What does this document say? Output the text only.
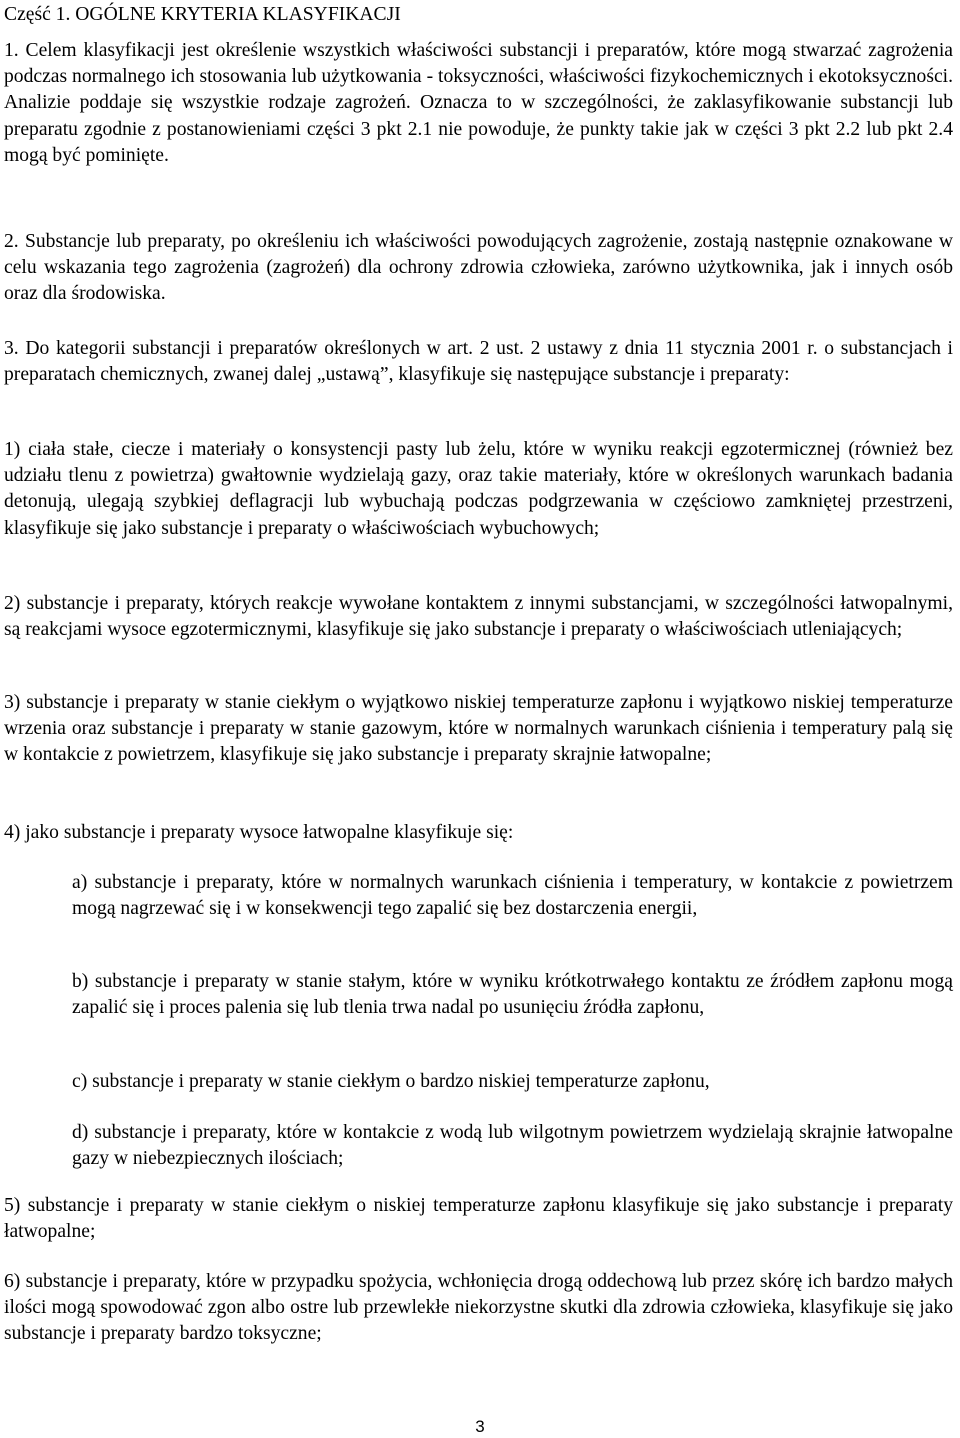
Część 1. OGÓLNE KRYTERIA KLASYFIKACJI

1. Celem klasyfikacji jest określenie wszystkich właściwości substancji i preparatów, które mogą stwarzać zagrożenia podczas normalnego ich stosowania lub użytkowania - toksyczności, właściwości fizykochemicznych i ekotoksyczności. Analizie poddaje się wszystkie rodzaje zagrożeń. Oznacza to w szczególności, że zaklasyfikowanie substancji lub preparatu zgodnie z postanowieniami części 3 pkt 2.1 nie powoduje, że punkty takie jak w części 3 pkt 2.2 lub pkt 2.4 mogą być pominięte.

2. Substancje lub preparaty, po określeniu ich właściwości powodujących zagrożenie, zostają następnie oznakowane w celu wskazania tego zagrożenia (zagrożeń) dla ochrony zdrowia człowieka, zarówno użytkownika, jak i innych osób oraz dla środowiska.

3. Do kategorii substancji i preparatów określonych w art. 2 ust. 2 ustawy z dnia 11 stycznia 2001 r. o substancjach i preparatach chemicznych, zwanej dalej „ustawą”, klasyfikuje się następujące substancje i preparaty:

1) ciała stałe, ciecze i materiały o konsystencji pasty lub żelu, które w wyniku reakcji egzotermicznej (również bez udziału tlenu z powietrza) gwałtownie wydzielają gazy, oraz takie materiały, które w określonych warunkach badania detonują, ulegają szybkiej deflagracji lub wybuchają podczas podgrzewania w częściowo zamkniętej przestrzeni, klasyfikuje się jako substancje i preparaty o właściwościach wybuchowych;

2) substancje i preparaty, których reakcje wywołane kontaktem z innymi substancjami, w szczególności łatwopalnymi, są reakcjami wysoce egzotermicznymi, klasyfikuje się jako substancje i preparaty o właściwościach utleniających;

3) substancje i preparaty w stanie ciekłym o wyjątkowo niskiej temperaturze zapłonu i wyjątkowo niskiej temperaturze wrzenia oraz substancje i preparaty w stanie gazowym, które w normalnych warunkach ciśnienia i temperatury palą się w kontakcie z powietrzem, klasyfikuje się jako substancje i preparaty skrajnie łatwopalne;

4) jako substancje i preparaty wysoce łatwopalne klasyfikuje się:

a) substancje i preparaty, które w normalnych warunkach ciśnienia i temperatury, w kontakcie z powietrzem mogą nagrzewać się i w konsekwencji tego zapalić się bez dostarczenia energii,

b) substancje i preparaty w stanie stałym, które w wyniku krótkotrwałego kontaktu ze źródłem zapłonu mogą zapalić się i proces palenia się lub tlenia trwa nadal po usunięciu źródła zapłonu,

c) substancje i preparaty w stanie ciekłym o bardzo niskiej temperaturze zapłonu,

d) substancje i preparaty, które w kontakcie z wodą lub wilgotnym powietrzem wydzielają skrajnie łatwopalne gazy w niebezpiecznych ilościach;

5) substancje i preparaty w stanie ciekłym o niskiej temperaturze zapłonu klasyfikuje się jako substancje i preparaty łatwopalne;

6) substancje i preparaty, które w przypadku spożycia, wchłonięcia drogą oddechową lub przez skórę ich bardzo małych ilości mogą spowodować zgon albo ostre lub przewlekłe niekorzystne skutki dla zdrowia człowieka, klasyfikuje się jako substancje i preparaty bardzo toksyczne;

3
